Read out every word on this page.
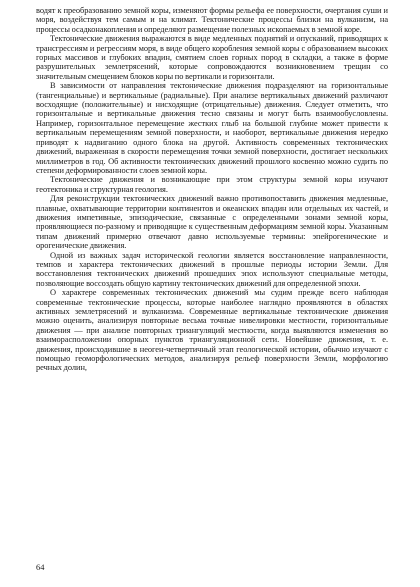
водят к преобразованию земной коры, изменяют формы рельефа ее поверхности, очертания суши и моря, воздействуя тем самым и на климат. Тектонические процессы близки на вулканизм, на процессы осадконакопления и определяют размещение полезных ископаемых в земной коре.

Тектонические движения выражаются в виде медленных поднятий и опусканий, приводящих к трансгрессиям и регрессиям моря, в виде общего коробления земной коры с образованием высоких горных массивов и глубоких впадин, смятием слоев горных пород в складки, а также в форме разрушительных землетрясений, которые сопровождаются возникновением трещин со значительным смещением блоков коры по вертикали и горизонтали.

В зависимости от направления тектонические движения подразделяют на горизонтальные (тангенциальные) и вертикальные (радиальные). При анализе вертикальных движений различают восходящие (положительные) и нисходящие (отрицательные) движения. Следует отметить, что горизонтальные и вертикальные движения тесно связаны и могут быть взаимообусловлены. Например, горизонтальное перемещение жестких глыб на большой глубине может привести к вертикальным перемещениям земной поверхности, и наоборот, вертикальные движения нередко приводят к надвиганию одного блока на другой. Активность современных тектонических движений, выраженная в скорости перемещения точки земной поверхности, достигает нескольких миллиметров в год. Об активности тектонических движений прошлого косвенно можно судить по степени деформированности слоев земной коры.

Тектонические движения и возникающие при этом структуры земной коры изучают геотектоника и структурная геология.

Для реконструкции тектонических движений важно противопоставить движения медленные, плавные, охватывающие территории континентов и океанских впадин или отдельных их частей, и движения импетивные, эпизодические, связанные с определенными зонами земной коры, проявляющиеся по-разному и приводящие к существенным деформациям земной коры. Указанным типам движений примерно отвечают давно используемые термины: эпейрогенические и орогенические движения.

Одной из важных задач исторической геологии является восстановление направленности, темпов и характера тектонических движений в прошлые периоды истории Земли. Для восстановления тектонических движений прошедших эпох используют специальные методы, позволяющие воссоздать общую картину тектонических движений для определенной эпохи.

О характере современных тектонических движений мы судим прежде всего наблюдая современные тектонические процессы, которые наиболее наглядно проявляются в областях активных землетрясений и вулканизма. Современные вертикальные тектонические движения можно оценить, анализируя повторные весьма точные нивелировки местности, горизонтальные движения — при анализе повторных триангуляций местности, когда выявляются изменения во взаиморасположении опорных пунктов триангуляционной сети. Новейшие движения, т. е. движения, происходившие в неоген-четвертичный этап геологической истории, обычно изучают с помощью геоморфологических методов, анализируя рельеф поверхности Земли, морфологию речных долин,

64
